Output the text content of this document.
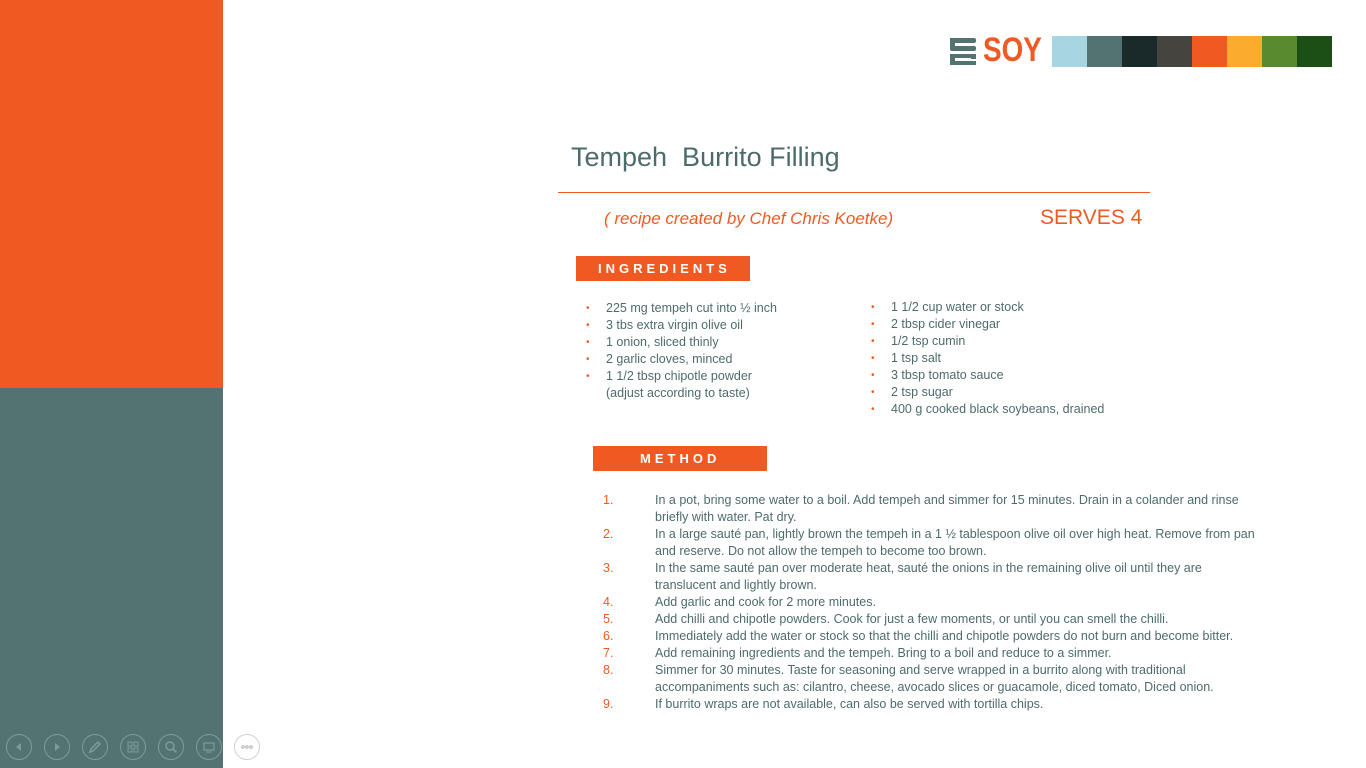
SOY
Tempeh  Burrito Filling
( recipe created by Chef Chris Koetke)	SERVES 4
INGREDIENTS
• 225 mg tempeh cut into ½ inch
• 3 tbs extra virgin olive oil
• 1 onion, sliced thinly
• 2 garlic cloves, minced
• 1 1/2 tbsp chipotle powder (adjust according to taste)
• 1 1/2 cup water or stock
• 2 tbsp cider vinegar
• 1/2 tsp cumin
• 1 tsp salt
• 3 tbsp tomato sauce
• 2 tsp sugar
• 400 g cooked black soybeans, drained
METHOD
1.	In a pot, bring some water to a boil. Add tempeh and simmer for 15 minutes. Drain in a colander and rinse briefly with water. Pat dry.
2.	In a large sauté pan, lightly brown the tempeh in a 1 ½ tablespoon olive oil over high heat. Remove from pan and reserve. Do not allow the tempeh to become too brown.
3.	In the same sauté pan over moderate heat, sauté the onions in the remaining olive oil until they are translucent and lightly brown.
4.	Add garlic and cook for 2 more minutes.
5.	Add chilli and chipotle powders. Cook for just a few moments, or until you can smell the chilli.
6.	Immediately add the water or stock so that the chilli and chipotle powders do not burn and become bitter.
7.	Add remaining ingredients and the tempeh. Bring to a boil and reduce to a simmer.
8.	Simmer for 30 minutes. Taste for seasoning and serve wrapped in a burrito along with traditional accompaniments such as: cilantro, cheese, avocado slices or guacamole, diced tomato, Diced onion.
9.	If burrito wraps are not available, can also be served with tortilla chips.
